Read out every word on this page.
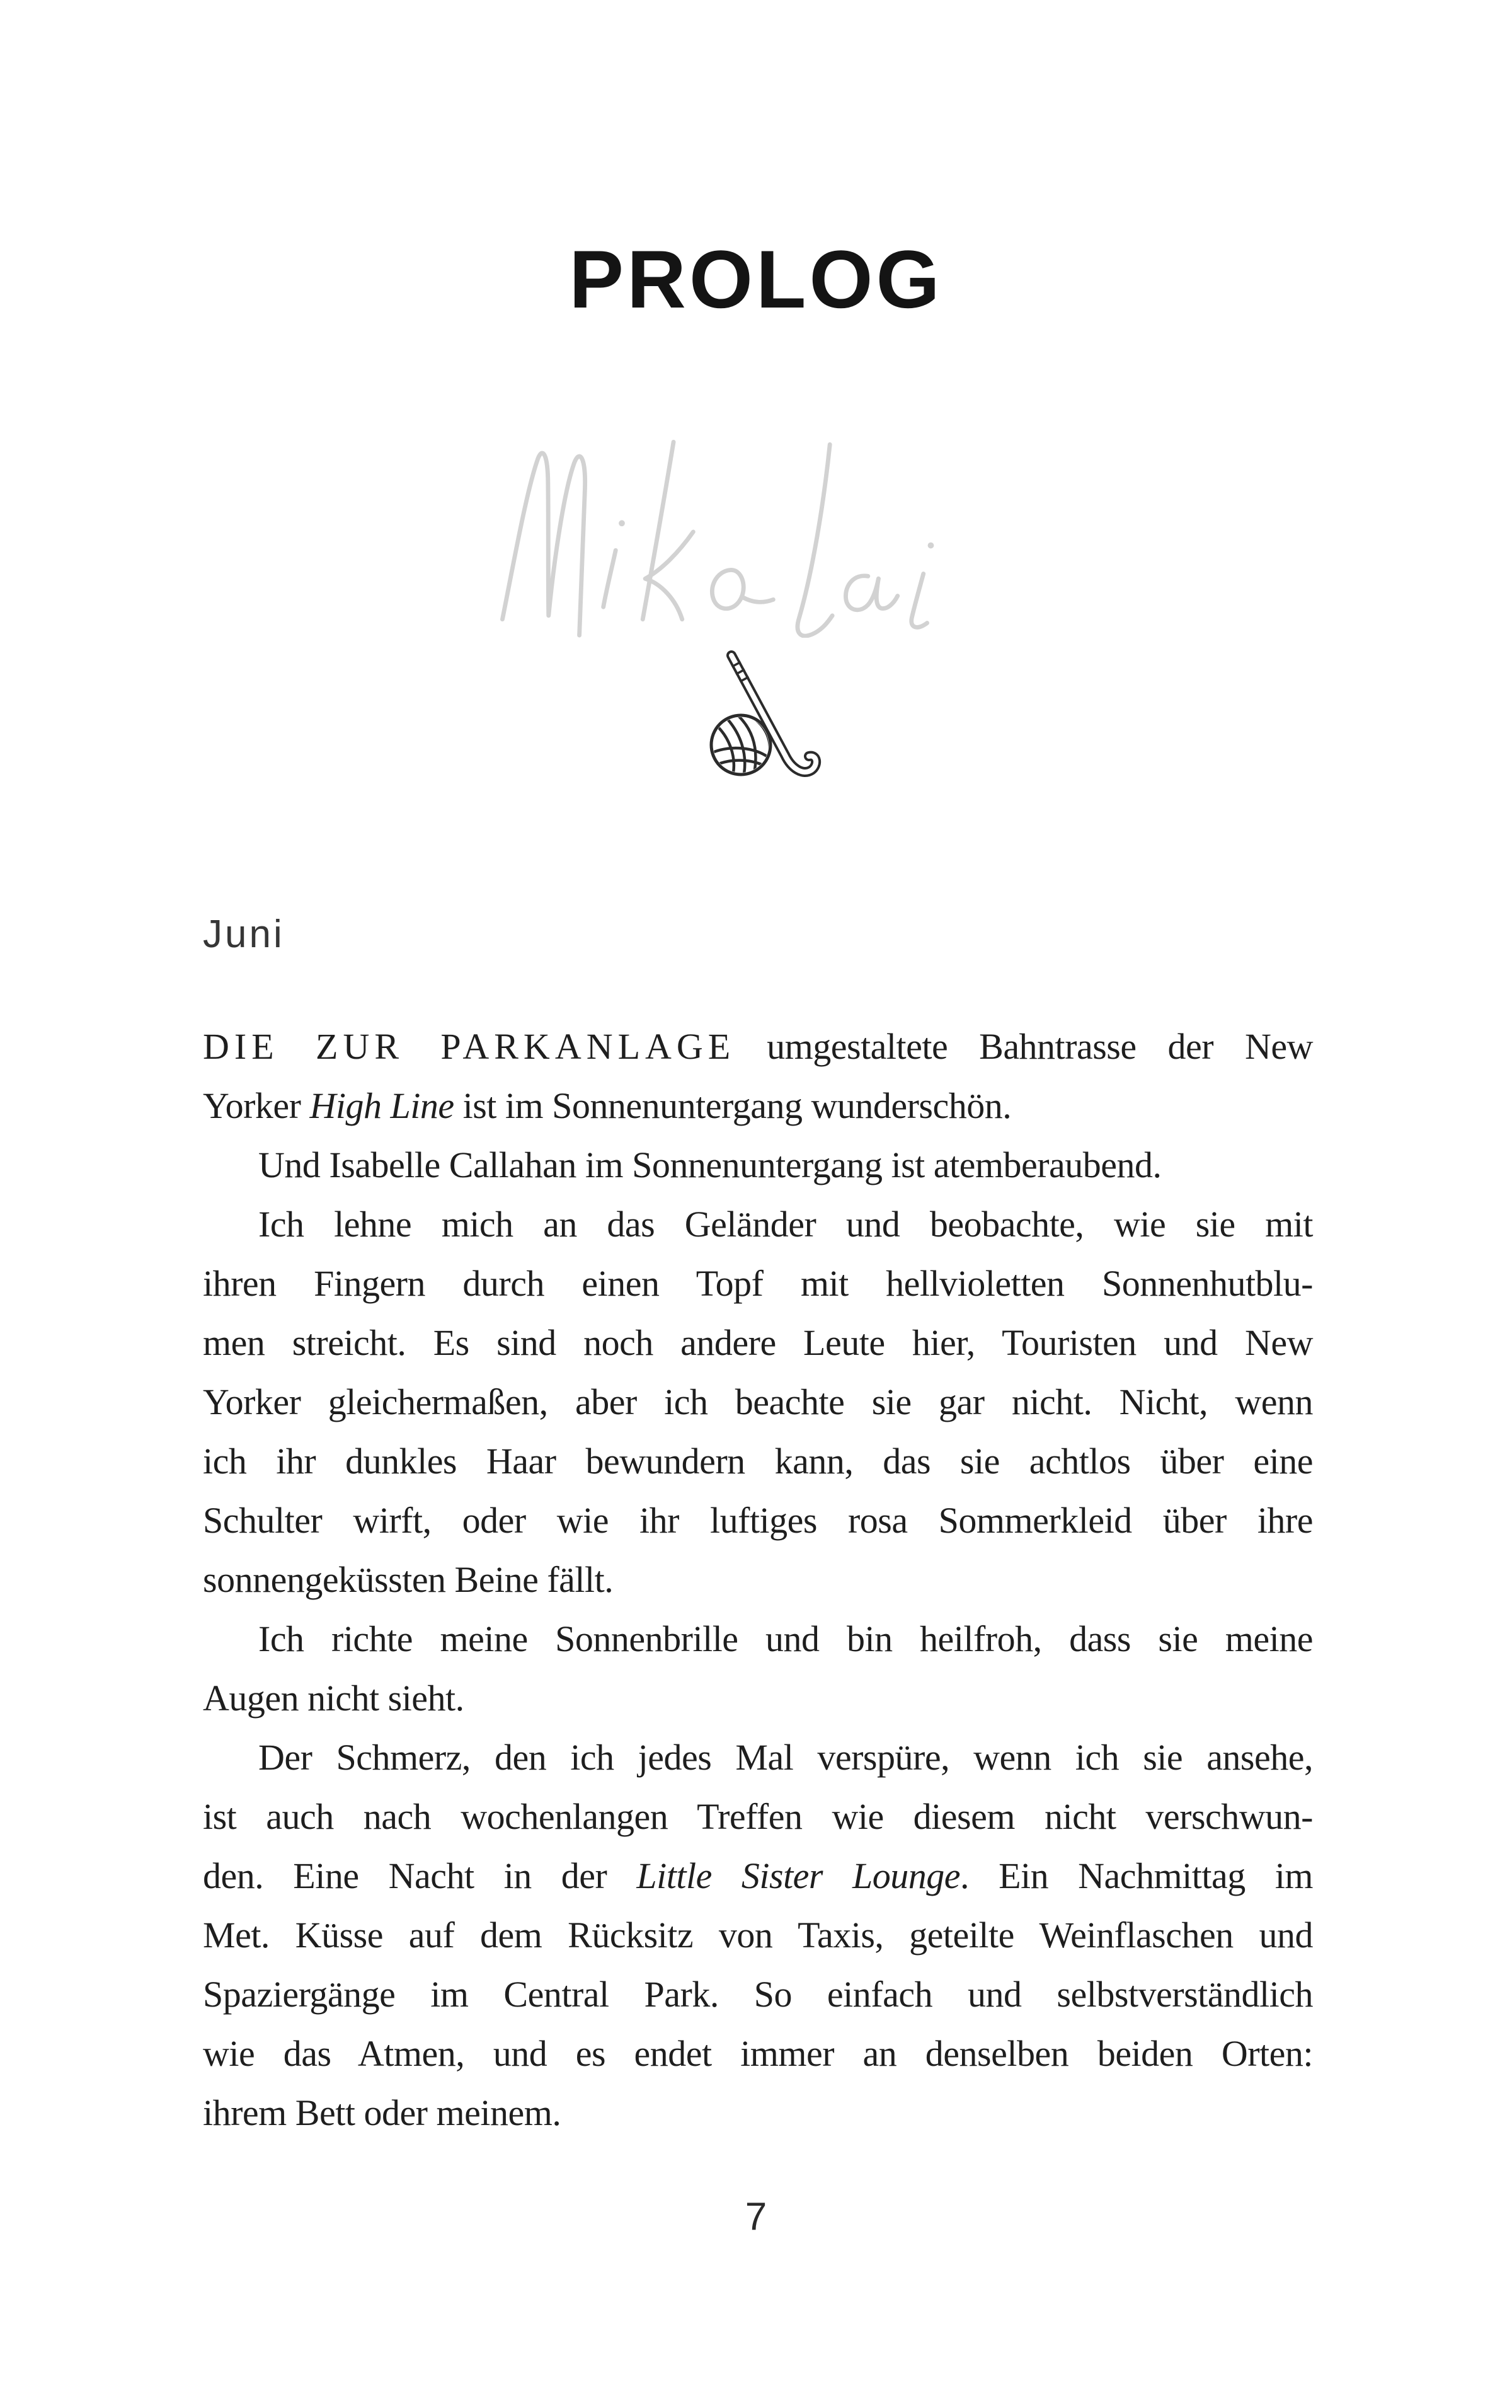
PROLOG
Juni
DIE ZUR PARKANLAGE umgestaltete Bahntrasse der New
Yorker High Line ist im Sonnenuntergang wunderschön.
Und Isabelle Callahan im Sonnenuntergang ist atemberaubend.
Ich lehne mich an das Geländer und beobachte, wie sie mit
ihren Fingern durch einen Topf mit hellvioletten Sonnenhutblu-
men streicht. Es sind noch andere Leute hier, Touristen und New
Yorker gleichermaßen, aber ich beachte sie gar nicht. Nicht, wenn
ich ihr dunkles Haar bewundern kann, das sie achtlos über eine
Schulter wirft, oder wie ihr luftiges rosa Sommerkleid über ihre
sonnengeküssten Beine fällt.
Ich richte meine Sonnenbrille und bin heilfroh, dass sie meine
Augen nicht sieht.
Der Schmerz, den ich jedes Mal verspüre, wenn ich sie ansehe,
ist auch nach wochenlangen Treffen wie diesem nicht verschwun-
den. Eine Nacht in der Little Sister Lounge. Ein Nachmittag im
Met. Küsse auf dem Rücksitz von Taxis, geteilte Weinflaschen und
Spaziergänge im Central Park. So einfach und selbstverständlich
wie das Atmen, und es endet immer an denselben beiden Orten:
ihrem Bett oder meinem.
7
